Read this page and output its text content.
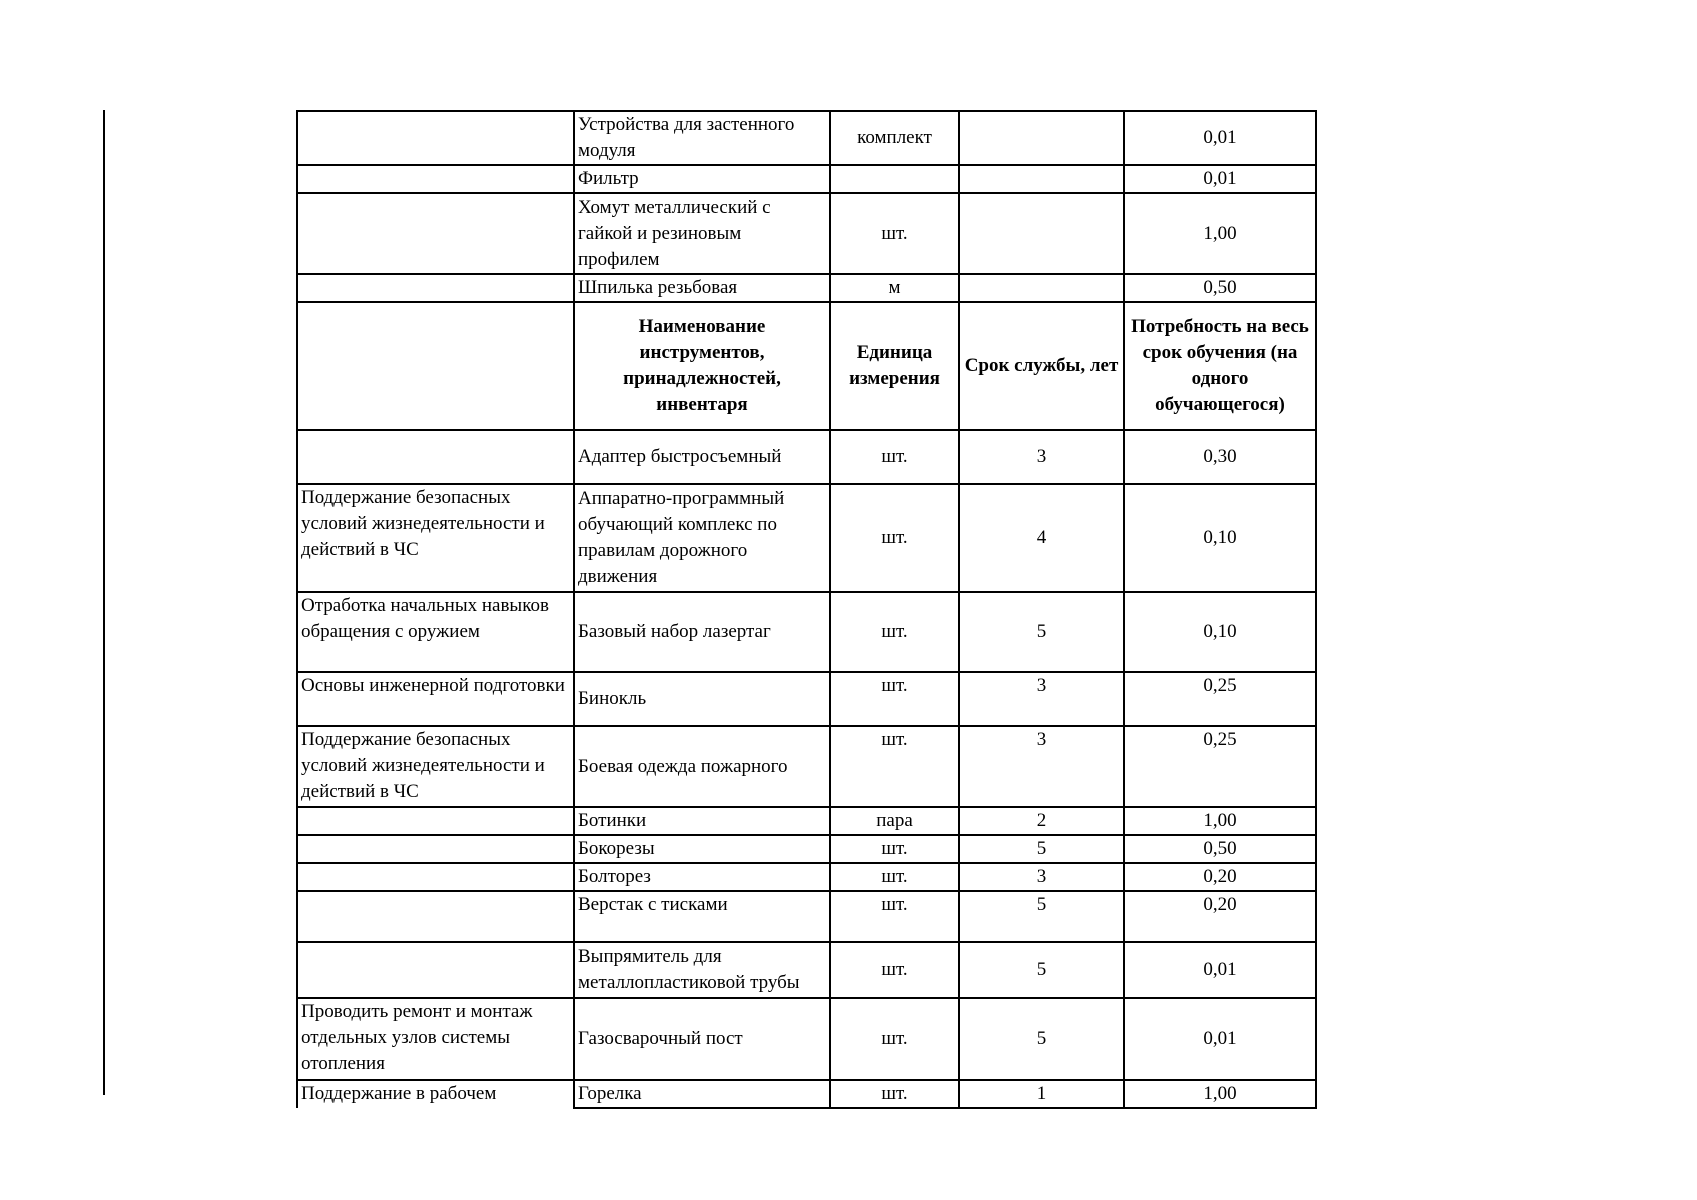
	Устройства для застенного модуля	комплект		0,01
	Фильтр			0,01
	Хомут металлический с гайкой и резиновым профилем	шт.		1,00
	Шпилька резьбовая	м		0,50
	Наименование инструментов, принадлежностей, инвентаря	Единица измерения	Срок службы, лет	Потребность на весь срок обучения (на одного обучающегося)
	Адаптер быстросъемный	шт.	3	0,30
Поддержание безопасных условий жизнедеятельности и действий в ЧС	Аппаратно-программный обучающий комплекс по правилам дорожного движения	шт.	4	0,10
Отработка начальных навыков обращения с оружием	Базовый набор лазертаг	шт.	5	0,10
Основы инженерной подготовки	Бинокль	шт.	3	0,25
Поддержание безопасных условий жизнедеятельности и действий в ЧС	Боевая одежда пожарного	шт.	3	0,25
	Ботинки	пара	2	1,00
	Бокорезы	шт.	5	0,50
	Болторез	шт.	3	0,20
	Верстак с тисками	шт.	5	0,20
	Выпрямитель для металлопластиковой трубы	шт.	5	0,01
Проводить ремонт и монтаж отдельных узлов системы отопления	Газосварочный пост	шт.	5	0,01
Поддержание в рабочем	Горелка	шт.	1	1,00
